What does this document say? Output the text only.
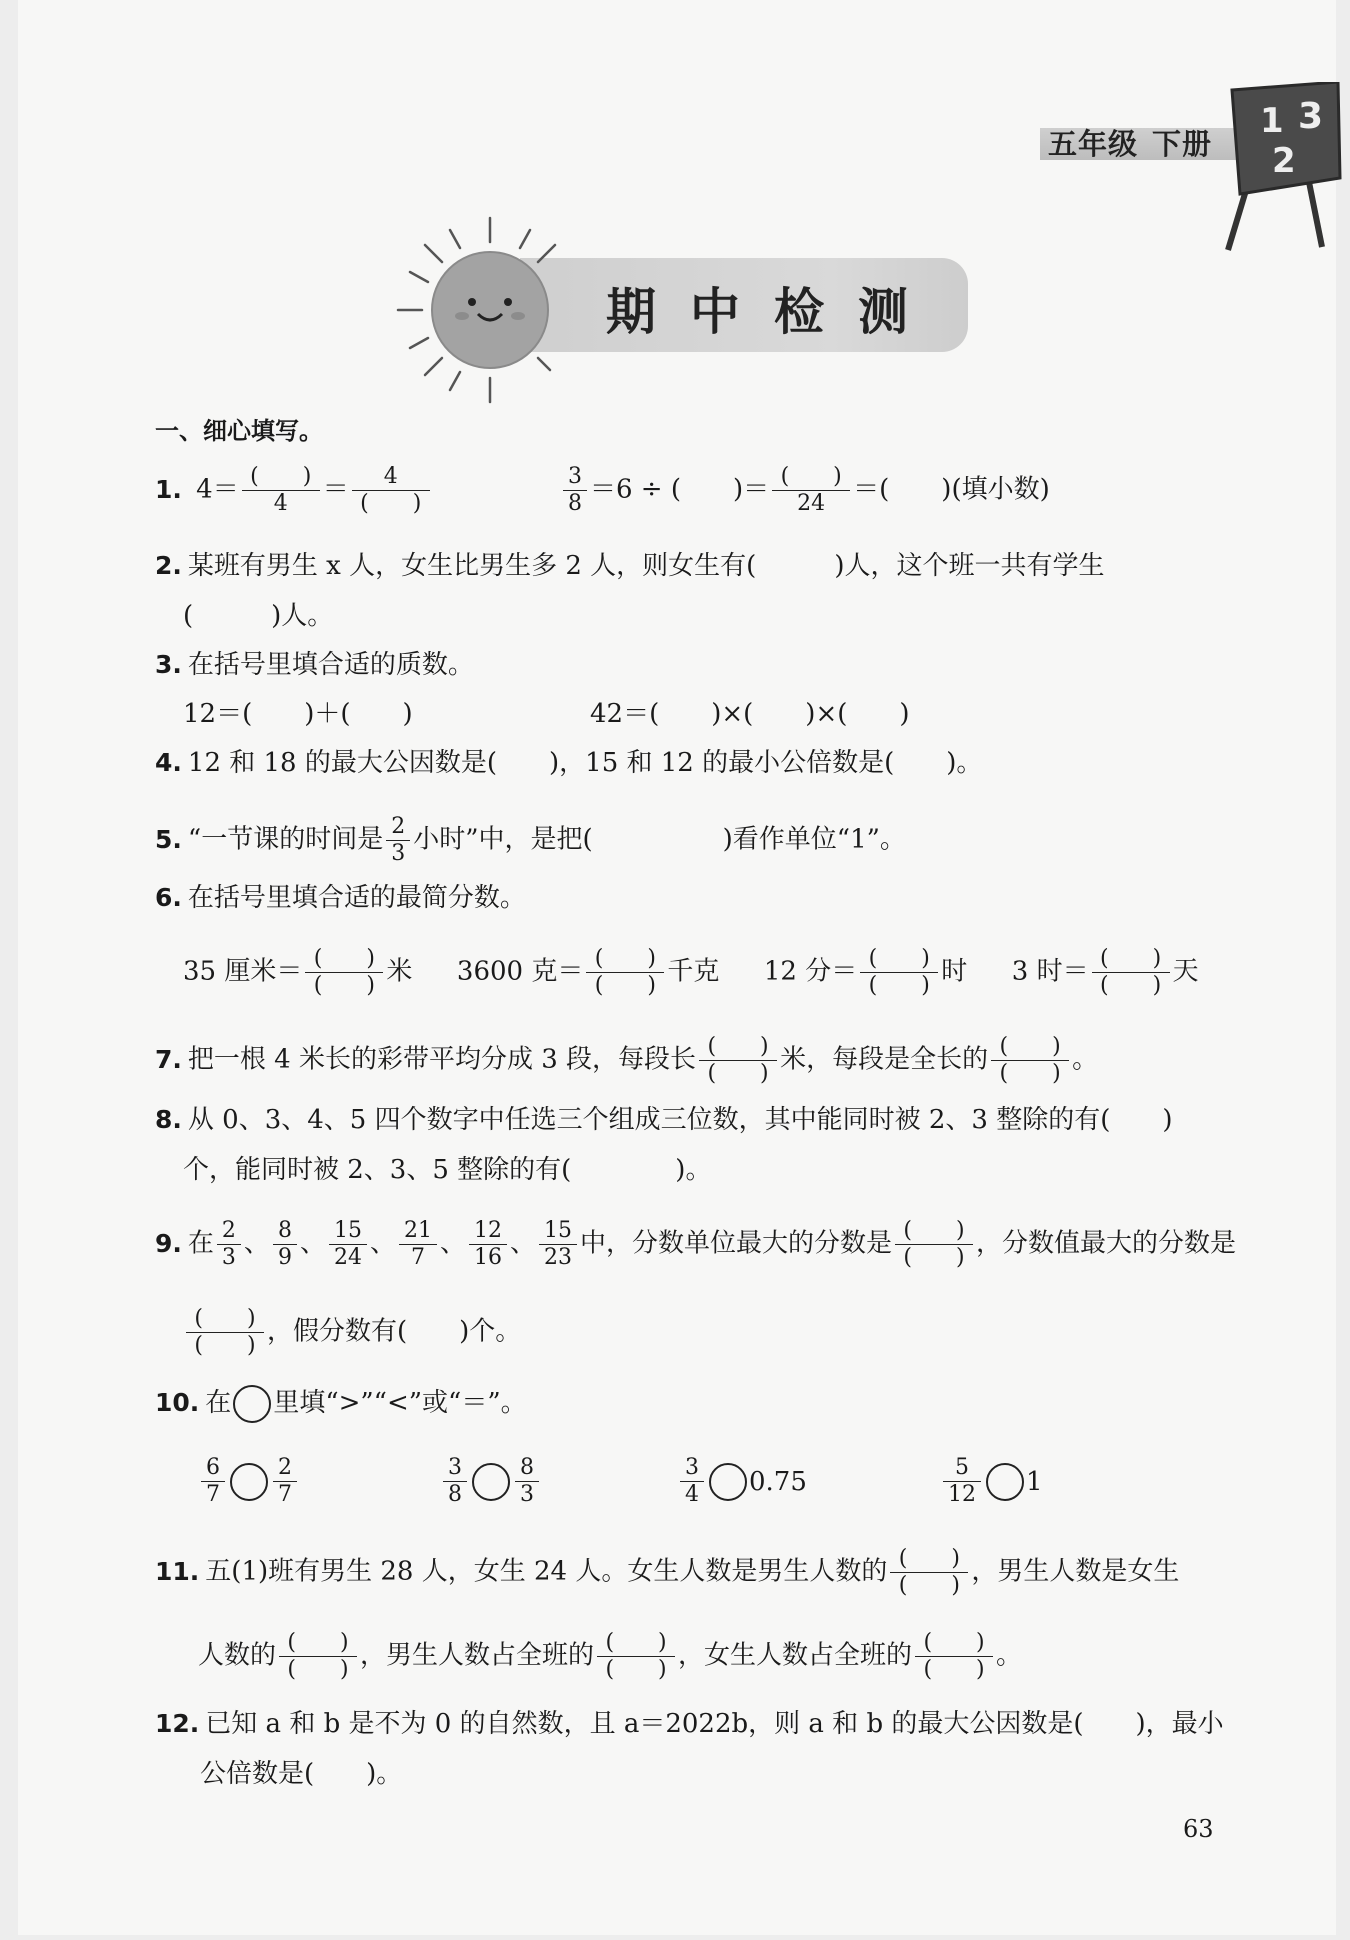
五年级 下册
1 3
2
期中检测
一、细心填写。
1. $4= \frac{( )}{4} = \frac{4}{( )}$	$\frac{3}{8} =6$ ÷ (　　)＝ $\frac{( )}{24}$ ＝(　　)(填小数)
2. 某班有男生 x 人，女生比男生多 2 人，则女生有(　　　)人，这个班一共有学生
(　　　)人。
3. 在括号里填合适的质数。
12＝(　　)＋(　　)	42＝(　　)×(　　)×(　　)
4. 12 和 18 的最大公因数是(　　)，15 和 12 的最小公倍数是(　　)。
5. “一节课的时间是 $\frac{2}{3}$ 小时”中，是把(　　　　　)看作单位“1”。
6. 在括号里填合适的最简分数。
35 厘米＝ $\frac{( )}{( )}$ 米 3600 克＝ $\frac{( )}{( )}$ 千克 12 分＝ $\frac{( )}{( )}$ 时 3 时＝ $\frac{( )}{( )}$ 天
7. 把一根 4 米长的彩带平均分成 3 段，每段长 $\frac{( )}{( )}$ 米，每段是全长的 $\frac{( )}{( )}$ 。
8. 从 0、3、4、5 四个数字中任选三个组成三位数，其中能同时被 2、3 整除的有(　　)
个，能同时被 2、3、5 整除的有(　　　　)。
9. 在 $\frac{2}{3}$ 、 $\frac{8}{9}$ 、 $\frac{15}{24}$ 、 $\frac{21}{7}$ 、 $\frac{12}{16}$ 、 $\frac{15}{23}$ 中，分数单位最大的分数是 $\frac{( )}{( )}$ ，分数值最大的分数是
$\frac{( )}{( )}$ ，假分数有(　　)个。
10. 在 里填“>”“<”或“＝”。
$\frac{6}{7} \frac{2}{7}$	$\frac{3}{8} \frac{8}{3}$	$\frac{3}{4} 0.75$	$\frac{5}{12} 1$
11. 五(1)班有男生 28 人，女生 24 人。女生人数是男生人数的 $\frac{( )}{( )}$ ，男生人数是女生
人数的 $\frac{( )}{( )}$ ，男生人数占全班的 $\frac{( )}{( )}$ ，女生人数占全班的 $\frac{( )}{( )}$ 。
12. 已知 a 和 b 是不为 0 的自然数，且 a＝2022b，则 a 和 b 的最大公因数是(　　)，最小
公倍数是(　　)。
63
